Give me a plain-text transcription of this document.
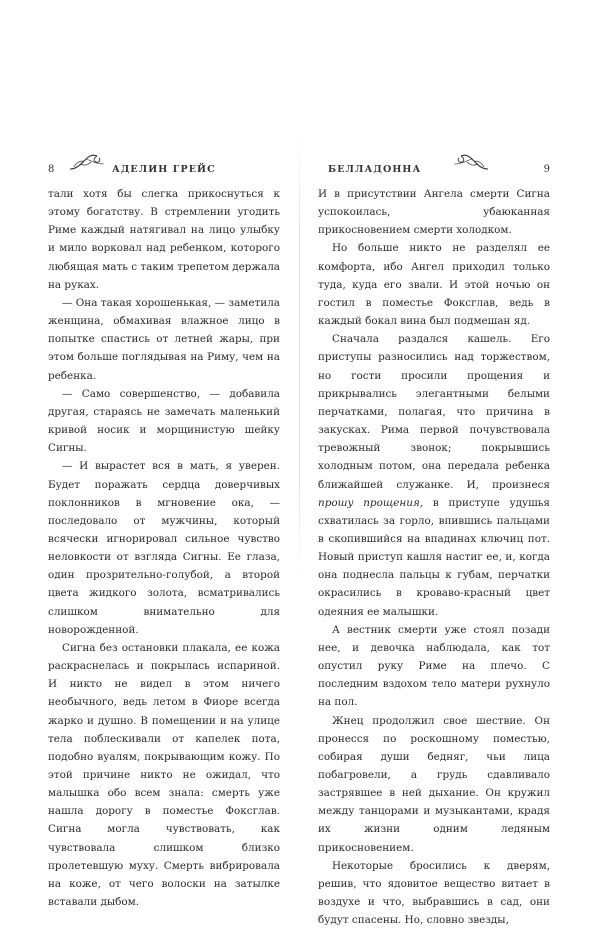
8	АДЕЛИН ГРЕЙС

тали хотя бы слегка прикоснуться к этому богатству. В стремлении угодить Риме каждый натягивал на лицо улыбку и мило ворковал над ребенком, которого любящая мать с таким трепетом держала на руках.

— Она такая хорошенькая, — заметила женщина, обмахивая влажное лицо в попытке спастись от летней жары, при этом больше поглядывая на Риму, чем на ребенка.

— Само совершенство, — добавила другая, стараясь не замечать маленький кривой носик и морщинистую шейку Сигны.

— И вырастет вся в мать, я уверен. Будет поражать сердца доверчивых поклонников в мгновение ока, — последовало от мужчины, который всячески игнорировал сильное чувство неловкости от взгляда Сигны. Ее глаза, один прозрительно-голубой, а второй цвета жидкого золота, всматривались слишком внимательно для новорожденной.

Сигна без остановки плакала, ее кожа раскраснелась и покрылась испариной. И никто не видел в этом ничего необычного, ведь летом в Фиоре всегда жарко и душно. В помещении и на улице тела поблескивали от капелек пота, подобно вуалям, покрывающим кожу. По этой причине никто не ожидал, что малышка обо всем знала: смерть уже нашла дорогу в поместье Фоксглав. Сигна могла чувствовать, как чувствовала слишком близко пролетевшую муху. Смерть вибрировала на коже, от чего волоски на затылке вставали дыбом.

БЕЛЛАДОННА	9

И в присутствии Ангела смерти Сигна успокоилась, убаюканная прикосновением смерти холодком.

Но больше никто не разделял ее комфорта, ибо Ангел приходил только туда, куда его звали. И этой ночью он гостил в поместье Фоксглав, ведь в каждый бокал вина был подмешан яд.

Сначала раздался кашель. Его приступы разносились над торжеством, но гости просили прощения и прикрывались элегантными белыми перчатками, полагая, что причина в закусках. Рима первой почувствовала тревожный звонок; покрывшись холодным потом, она передала ребенка ближайшей служанке. И, произнеся прошу прощения, в приступе удушья схватилась за горло, впившись пальцами в скопившийся на впадинах ключиц пот. Новый приступ кашля настиг ее, и, когда она поднесла пальцы к губам, перчатки окрасились в кроваво-красный цвет одеяния ее малышки.

А вестник смерти уже стоял позади нее, и девочка наблюдала, как тот опустил руку Риме на плечо. С последним вздохом тело матери рухнуло на пол.

Жнец продолжил свое шествие. Он пронесся по роскошному поместью, собирая души бедняг, чьи лица побагровели, а грудь сдавливало застрявшее в ней дыхание. Он кружил между танцорами и музыкантами, крадя их жизни одним ледяным прикосновением.

Некоторые бросились к дверям, решив, что ядовитое вещество витает в воздухе и что, выбравшись в сад, они будут спасены. Но, словно звезды,
